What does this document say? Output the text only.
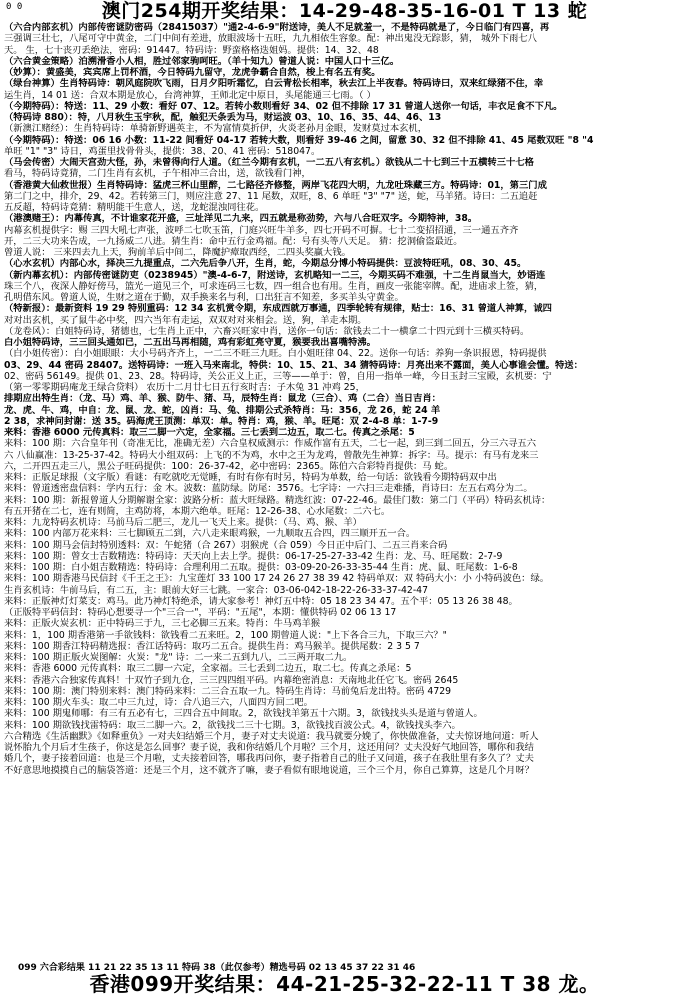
0 0	澳门254期开奖结果：14-29-48-35-16-01 T 13 蛇
（六合内部玄机）内部传密谜防密码（28415037）"通2-4-6-9"附送诗，美人不足就羞一，不是特码就是了，今日临门有四喜，再
三强调三壮七，八尾可守中黄金，二门中间有差进，放眼波场十五旺，九九相依生容象。配：神出鬼没无踪影，猜， 城外下雨七八
天。 生，七十丧刃丢绝法，密码：91447。特码诗：野蛮格格迭姐妈。提供：14、32、48
（六合黄金策略）泊溯滑香小人相，胜过邻家驹呵旺。（羊十知九）曾道人说：中国人口十三亿。
（妙算）：黄盛美，宾宾席上罚杯酒，今日特码九留守，龙虎争霸合自然，梭上有名五有奖。
（绿台神算）生肖特码诗：朝风庭院吹飞雨，日月夕阳听霜忆，白云青松长相率，秋去江上半夜春。特码诗曰，双来红绿猪不住，幸
运生肖，14 01 送：合双本期是放心，台湾神算，王师北定中原日，头尾能通三七雨。（ ）
（今期特码）：特送：11、29 小数：看好 07、12。若转小数则看好 34、02 但不排除 17 31 曾道人送你一句话，丰衣足食不下凡。
（特码诗 880）：特，八月秋生玉宇秋，配，触犯天条丢为马，财运波 03、10、16、35、44、46、13
（新澳江赌经）：生肖特码诗：单骑新野遇英主，不为富情莫折伊，火炎老孙月金眼，发财莫过本玄机，
（今期特码）：特送：06 16 小数：11-22 间看好 04-17 若转大数，则看好 39-46 之间，留意 30、32 但不排除 41、45 尾数双旺 "8 "4
单旺 "1" "3" 诗日，鸡蛋里找骨骨头，提供：38、20、41 密码：518047。
（马会传密）大闹天宫劲大怪，孙，未曾得向行人道。（红兰今期有玄机，一二五八有玄机。）欲钱从二十七到三十五横转三十七格
看马，特码诗竟猜，二门生肖有玄机，子午相冲三合出，送，欲钱看门神，
（香港黄大仙救世报）生肖特码诗：猛虎三杯山里醉，二七路径齐修整，两岸飞花四大明，九龙吐珠藏三方。特码诗：01，第三门成
第二门之中，排介，29、42。若转第三门，则应注意 27、11 尾数，双旺，8、6 单旺 "3" "7" 送，蛇，马羊猪。诗曰：二五追赶
五反超，特码诗竟猜：精明能干生意人，送，龙蛇混浊同往花。
（港澳赌王）：内幕传真，不计谁家花开盛，三址洋见二九来，四五就是称劲势，六与八合旺双字。今期特神，38。
内幕玄机提供字：赐 三四大吼七声张，波呼二七吹玉笛，门庭兴旺牛羊多，四七开码不可摒。七十二变招招通，三一通五齐齐
开，二三大功来告成，一九扬威二八进。猜生肖：命中五行金鸡福。配：号有头等八天足。 猜：挖洞偷盗最近。
曾道人说： 三来四去九上天，狗前羊后中间二，降魔护瘴取西经，二四头奖赢大钱。
（心水玄机）内部心水，择决三九提重点，二六先后争八开，生肖，蛇，今期总分博小特码提供：豆波特旺吼，08、30、45。
（新内幕玄机）：内部传密谜防吏（0238945）"澳-4-6-7，附送诗，玄机略知一二三，今期买码不难强，十二生肖鼠当大，妙语连
珠三个八，夜深人静好傍马，篮光一道见三个，可求连码三七数，四一组合也有用。生肖，画皮一张能宰牌。配，进庙求上签，猜，
孔明借东风。曾道人说，生财之道在于勤，双手换来名与利，口出狂言不知差，多买羊头守黄金。
（特新报）：最新资料 19 29 特别重码：12 34 玄机赏令期，东成西就万事通，四季轮转有规律，贴士：16、31 曾道人神算，诚四
对对出玄机，买了鼠牛必中奖，四六当年有走运，双双对对来相会。送，狗，羊走本期。
（龙卷风）：白姐特码诗，猪德也，七生肖上正中，六畜兴旺家中肖，送你一句话：欲钱去二十一横拿二十四元到十三横买特码。
白小姐特码诗，三三回头通如已，二五出马再相随，鸡有彩虹亮守夏，猴要我出喜嘴特沸。
（白小姐传密）：白小姐眼眼：大小号码齐齐上，一二三不旺三九旺。白小姐旺律 04、22。送你一句话：养狗一条识报恩，特码提供
03、29、44 密码 28407。送特码诗：一班入马来南北，特供：10、15、21、34 猜特码诗：月亮出来不露面，美人心事谁会懂。特送：
02、密码 56149。提供 01、23、28。特码诗，关公正义上正，三等——单于：曾，自用一指单一峰，今日玉封三宝殿，玄机要：宁
（第一零零期码庵龙王绿合贷料） 农历十二月廿七日五行亥时吉：子木兔 31 冲鸡 25，
排期应出特生肖：（龙、马）鸡、羊、猴、防牛、猪、马，辰特生肖：鼠龙（三合）、鸡（二合）当日吉肖：
龙、虎、牛、鸡，中自：龙、鼠、龙、蛇，凶肖：马、兔、排期公式杀特肖：马：356，龙 26，蛇 24 羊
2 38，求神问封谢：送 35。码海虎王顶测：单双：单。特肖：鸡，猴、羊。旺尾：双 2-4-8 单：1-7-9
来料：香港 6000 元传真料：取三二脚一六定，全家福。三七丢到二边五，取二七。传真之杀尾：5
来料：100 期：六合皇年刊（奇准无比，准确无差）六合皇权威测示：作威作富有五天，二七一起，到三到二回五，分三六寻五六
六 八仙赢准：13-25-37-42。特码大小组双码：上飞的不为鸡，水中之王为龙鸡，曾散先生神算：拆字：马。提示：有马有龙来三
六，二开四五走三八，黑公子旺码提供：100：26-37-42，必中密码：2365。陈伯六合彩特肖提供：马 蛇。
来料：正版足球报（文字版）看谜：有吃就吃无觉睡，有时有你有时另，特码为单数，给一句话：欲钱看今期特码双中出
来料：曾道透密盘信料：学内五行：金 木。波数：蓝防绿。防尾：3576。七字诗：一六扫三走难播，肖诗曰：左五右鸡分为二。
来料：100 期：新报曾道人分期解谢全家：波路分析：蓝大旺绿路。精选红波：07-22-46。最佳门数：第二门（平码）特码玄机诗：
有五开猪在二七，连有则简，主鸡防将，本期六绝单。旺尾：12-26-38、心水尾数：二六七。
来料：九龙特码玄机诗：马前马后二肥三，龙儿一飞天上来。提供：（马、鸡、猴、羊）
来料：100 内部万花来料：三七脚顾五二到，六八走来眼鸡猴，一九顺取五合四，四三顺开五一合。
来料：100 期马会信封特别透料：双：午蛇猪（合 267）羽猴虎（合 059）今日正中后门、二五三肖来合码
来料：100 期：曾女士吉数精选：特码诗：天天向上去上学。提供：06-17-25-27-33-42 生肖：龙、马、旺尾数：2-7-9
来料：100 期：白小姐吉数精选：特码诗：合理利用二五取。提供：03-09-20-26-33-35-44 生肖：虎、鼠、旺尾数：1-6-8
来料：100 期香港马民信封《千王之王》：九宝莲灯 33 100 17 24 26 27 38 39 42 特码单双：双 特码大小：小 小特码波色：绿。
生肖玄机诗：牛前马后，有二五，主：眼前大好三七跳。一家合：03-06-042-18-22-26-33-37-42-47
来料：正版神灯灯菜支：鸡马。此乃神灯特绝杀，请大家参考！神灯五中特：05 18 23 34 47。五个平：05 13 26 38 48。
（正版特平码信封：特码心想要寻一个"三合一"，平码："五尾"，本期：懂供特码 02 06 13 17
来料：正版火炭玄机：正中特码三于九，三七必脚三五来。特肖：牛马鸡羊猴
来料：1，100 期香港第一手欲钱料：欲钱看二五来旺。2，100 期曾道人说："上下各合三九，下取三六？"
来料：100 期香江特码精选报：香江话特码：取巧二五合。提供生肖：鸡马猴羊。提供尾数：2 3 5 7
来料：100 期正版火炭图解：火炭："龙" 诗：二一来二五到九八，二三两开取二九。
来料：香港 6000 元传真料：取三二脚一六定，全家福。三七丢到二边五，取二七。传真之杀尾：5
来料：香港六合独家传真料！十双竹子到九仓，三三四四组平码。内幕绝密消息：天南地北任它飞。密码 2645
来料：100 期：澳门特别来料：澳门特码来料：二三合五取一九。特码生肖诗：马前兔后龙出特。密码 4729
来料：100 期火车头：取二中三九过，诗：合八追三六，八面四方回二吧。
来料：100 期鬼师哪：有三有五必有七，三四合五中间取。2，欲钱找羊第五十六期。3，欲钱找头头是道与曾道人。
来料：100 期欲钱找雷特码：取三二脚一六。2，欲钱找二三十七期。3，欲钱找百波公式。4，欲钱找头李六。
六合精选《生活幽默》《如释重负》一对夫妇结婚三个月，妻子对丈夫说道：我马就要分娩了，你快做准备，丈夫惊讶地问道：听人
说怀胎九个月后才生孩子，你这是怎么回事？妻子说，我和你结婚几个月啦？三个月，这还用问？丈夫没好气地回答，哪你和我结
婚几个，妻子接着回道：也是三个月啦，丈夫接着回答，哪我再问你，妻子指着自己的肚子又问道，孩子在我肚里有多久了？丈夫
不好意思地摸摸自己的脑袋答道：还是三个月，这不就齐了嘛，妻子看似有眼地说道，三个三个月，你自己算算，这是几个月呀？
099 六合彩结果 11 21 22 35 13 11 特码 38（此仅参考）精选号码 02 13 45 37 22 31 46
香港099开奖结果：44-21-25-32-22-11 T 38 龙。
